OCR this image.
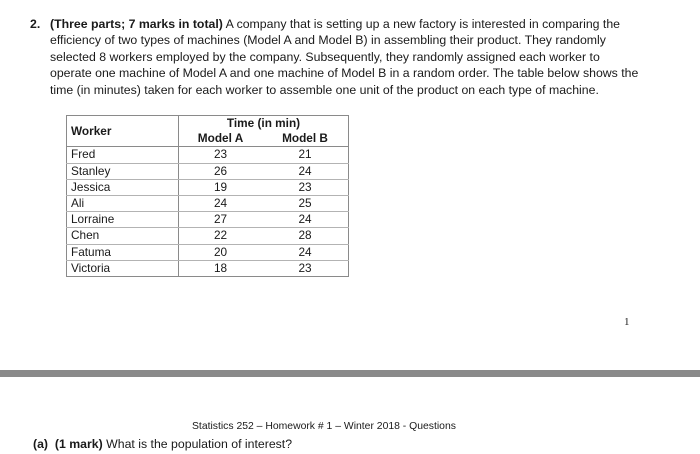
2. (Three parts; 7 marks in total) A company that is setting up a new factory is interested in comparing the
efficiency of two types of machines (Model A and Model B) in assembling their product. They randomly
selected 8 workers employed by the company. Subsequently, they randomly assigned each worker to
operate one machine of Model A and one machine of Model B in a random order. The table below shows the
time (in minutes) taken for each worker to assemble one unit of the product on each type of machine.
Worker	Time (in min)	
	Model A	Model B
Fred	23	21
Stanley	26	24
Jessica	19	23
Ali	24	25
Lorraine	27	24
Chen	22	28
Fatuma	20	24
Victoria	18	23
1
Statistics 252 – Homework # 1 – Winter 2018 - Questions
(a) (1 mark) What is the population of interest?
